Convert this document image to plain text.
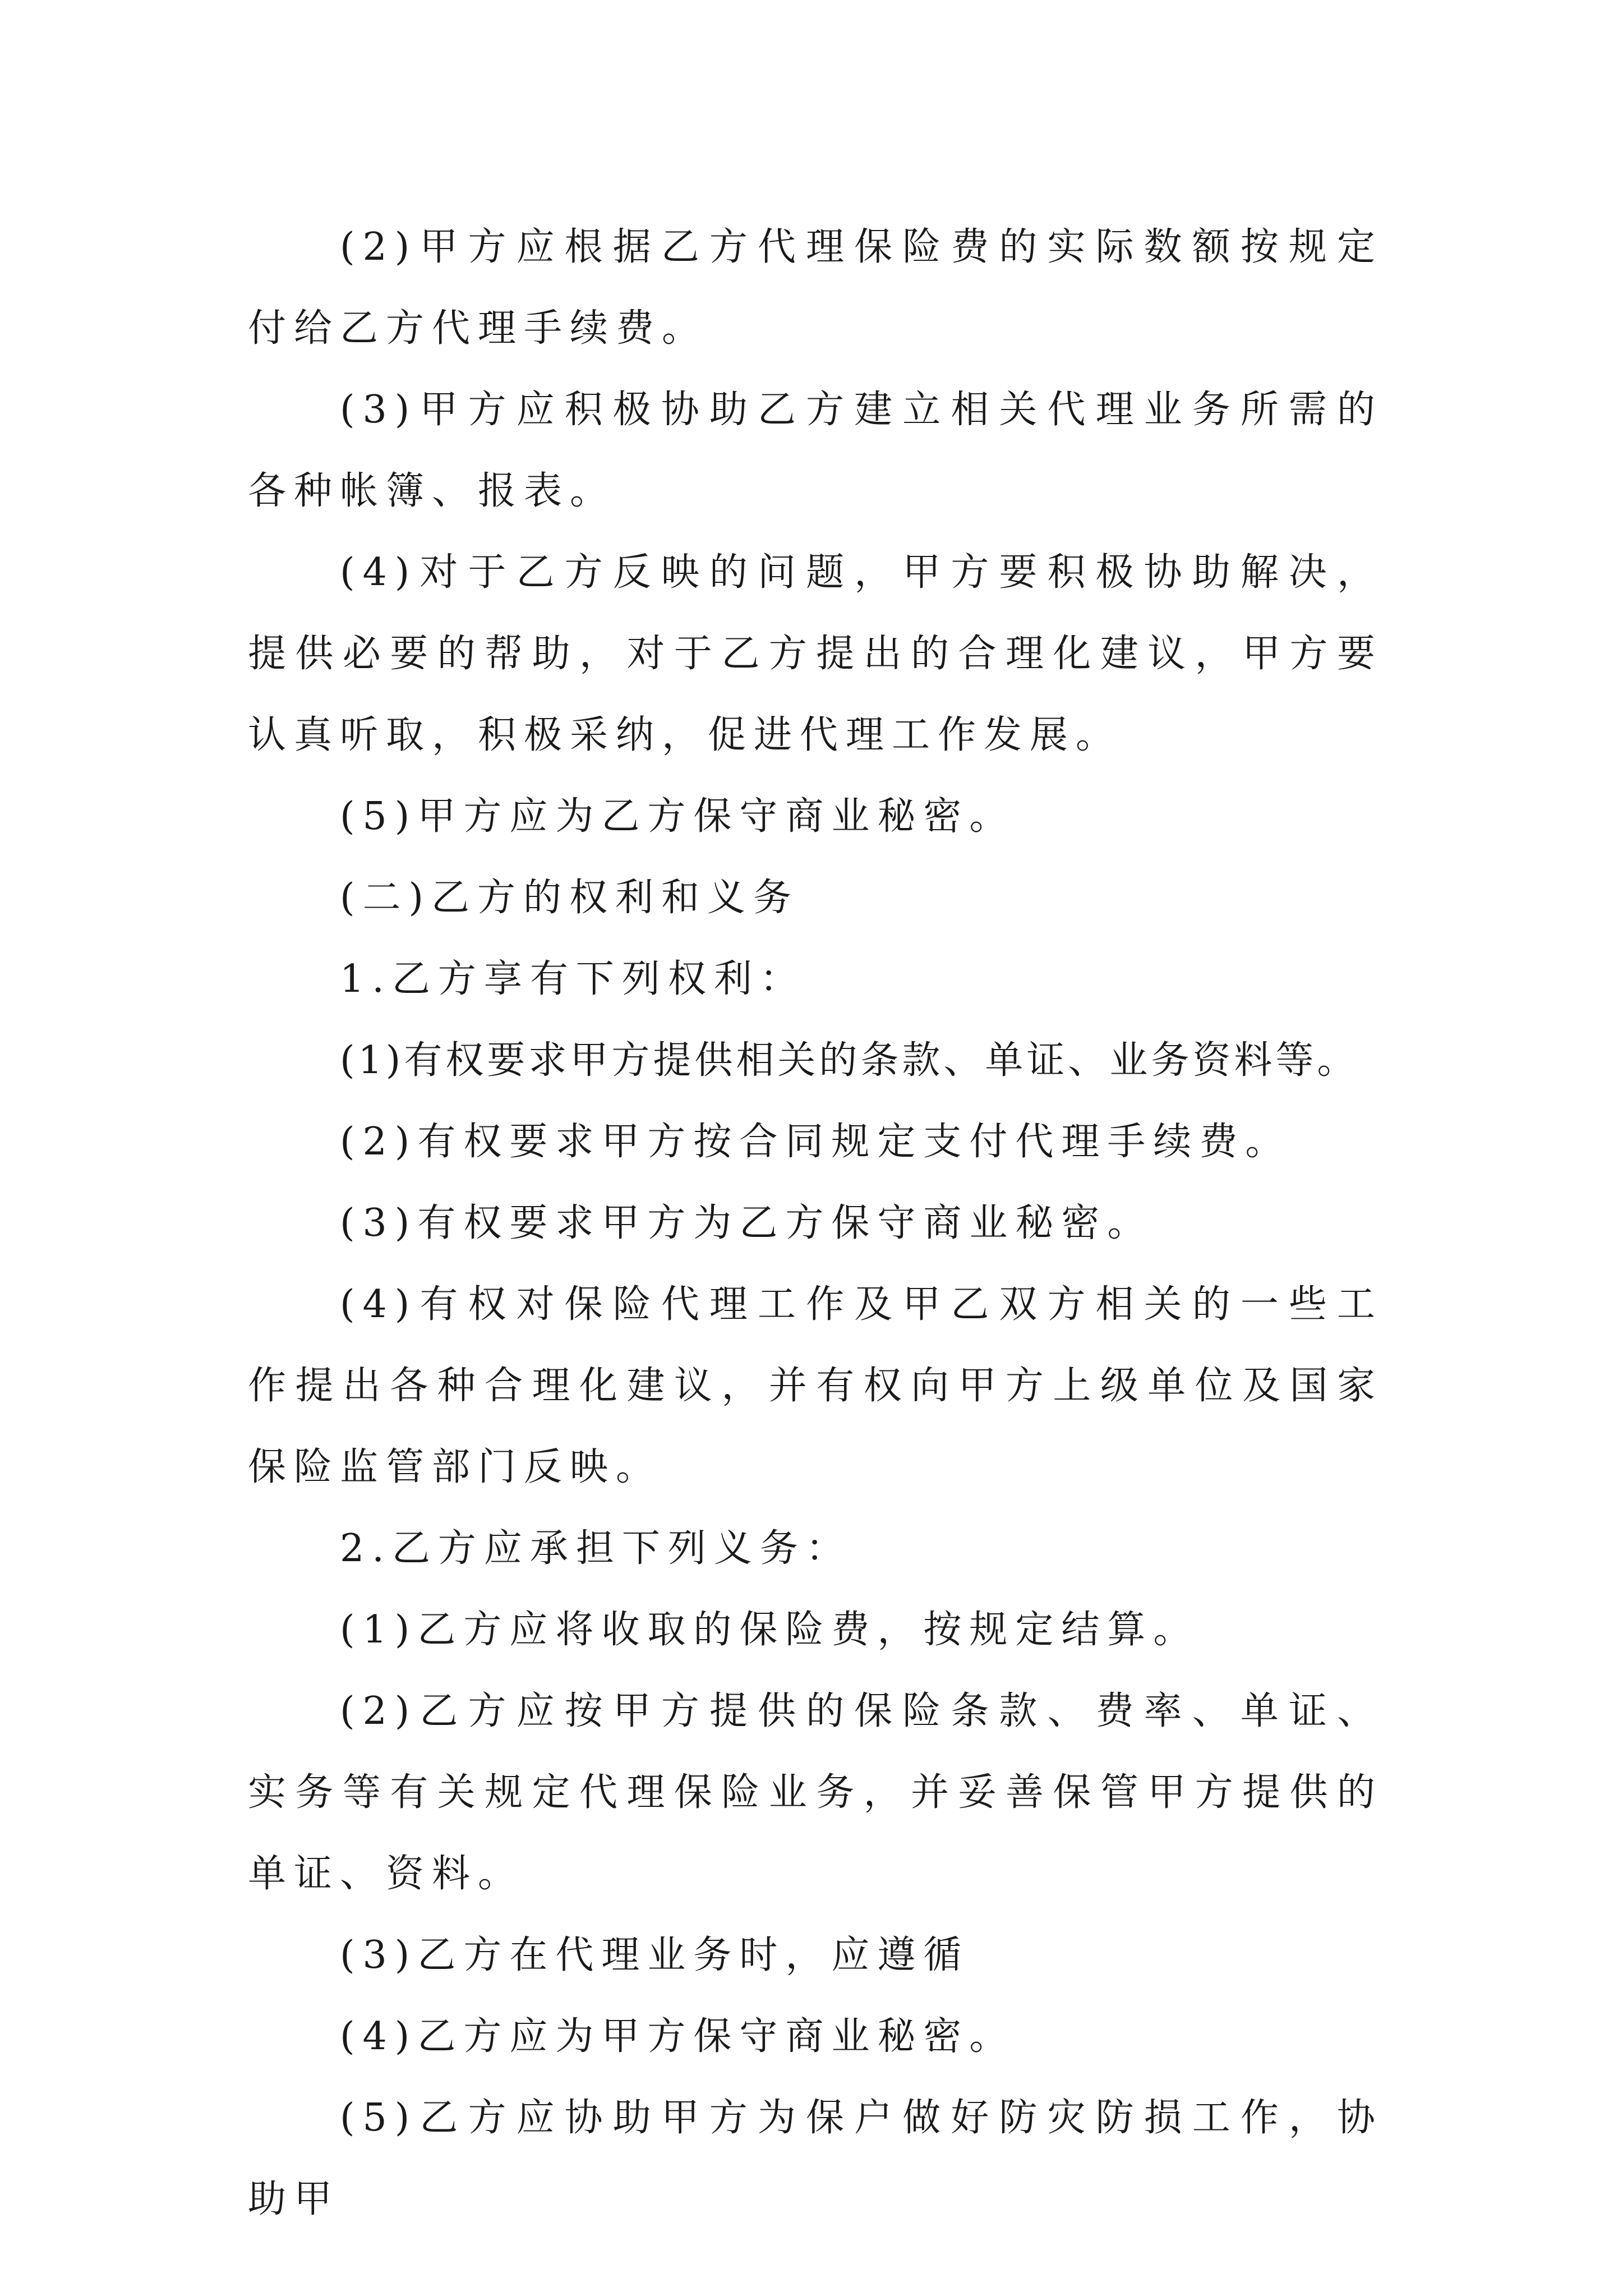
(2)甲方应根据乙方代理保险费的实际数额按规定付给乙方代理手续费。

(3)甲方应积极协助乙方建立相关代理业务所需的各种帐簿、报表。

(4)对于乙方反映的问题，甲方要积极协助解决，提供必要的帮助，对于乙方提出的合理化建议，甲方要认真听取，积极采纳，促进代理工作发展。

(5)甲方应为乙方保守商业秘密。

(二)乙方的权利和义务

1.乙方享有下列权利：

(1)有权要求甲方提供相关的条款、单证、业务资料等。

(2)有权要求甲方按合同规定支付代理手续费。

(3)有权要求甲方为乙方保守商业秘密。

(4)有权对保险代理工作及甲乙双方相关的一些工作提出各种合理化建议，并有权向甲方上级单位及国家保险监管部门反映。

2.乙方应承担下列义务：

(1)乙方应将收取的保险费，按规定结算。

(2)乙方应按甲方提供的保险条款、费率、单证、实务等有关规定代理保险业务，并妥善保管甲方提供的单证、资料。

(3)乙方在代理业务时，应遵循

(4)乙方应为甲方保守商业秘密。

(5)乙方应协助甲方为保户做好防灾防损工作，协助甲
